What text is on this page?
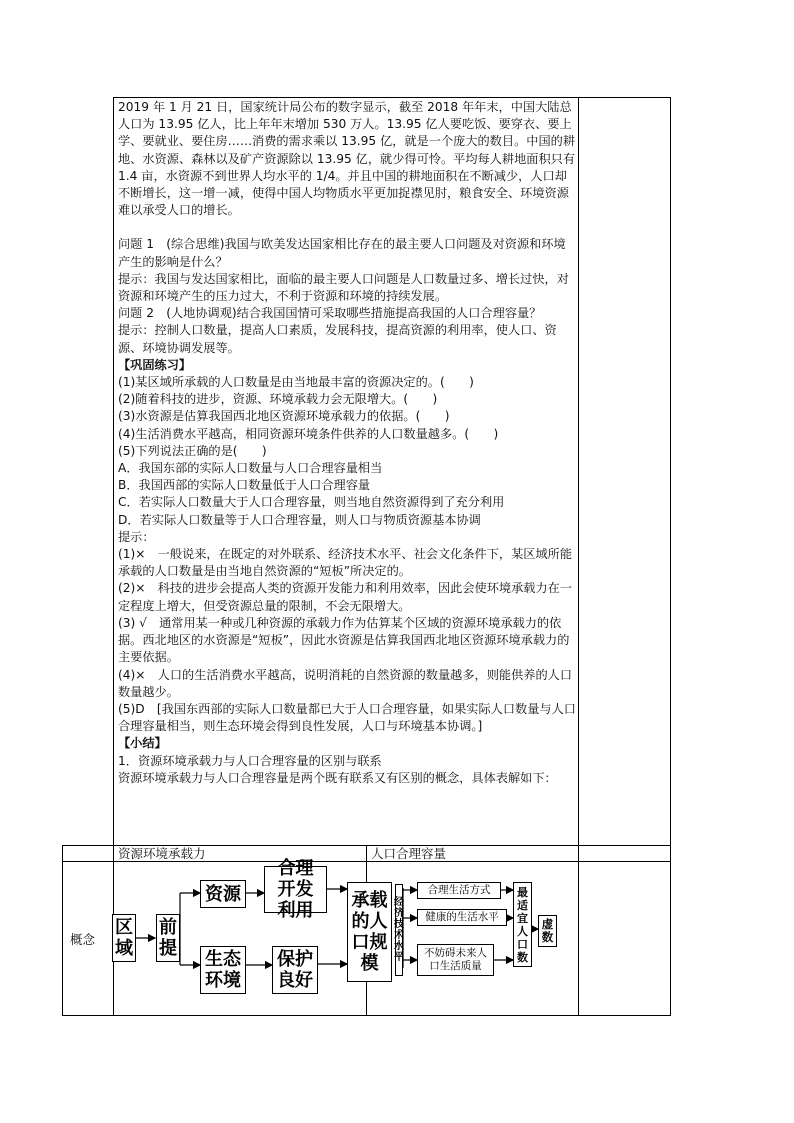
2019 年 1 月 21 日，国家统计局公布的数字显示，截至 2018 年年末，中国大陆总人口为 13.95 亿人，比上年年末增加 530 万人。13.95 亿人要吃饭、要穿衣、要上学、要就业、要住房……消费的需求乘以 13.95 亿，就是一个庞大的数目。中国的耕地、水资源、森林以及矿产资源除以 13.95 亿，就少得可怜。平均每人耕地面积只有 1.4 亩，水资源不到世界人均水平的 1/4。并且中国的耕地面积在不断减少，人口却不断增长，这一增一减，使得中国人均物质水平更加捉襟见肘，粮食安全、环境资源难以承受人口的增长。

问题 1　(综合思维)我国与欧美发达国家相比存在的最主要人口问题及对资源和环境产生的影响是什么？

提示：我国与发达国家相比，面临的最主要人口问题是人口数量过多、增长过快，对资源和环境产生的压力过大，不利于资源和环境的持续发展。

问题 2　(人地协调观)结合我国国情可采取哪些措施提高我国的人口合理容量？

提示：控制人口数量，提高人口素质，发展科技，提高资源的利用率，使人口、资源、环境协调发展等。

【巩固练习】

(1)某区域所承载的人口数量是由当地最丰富的资源决定的。(　　)

(2)随着科技的进步，资源、环境承载力会无限增大。(　　)

(3)水资源是估算我国西北地区资源环境承载力的依据。(　　)

(4)生活消费水平越高，相同资源环境条件供养的人口数量越多。(　　)

(5)下列说法正确的是(　　)

A．我国东部的实际人口数量与人口合理容量相当

B．我国西部的实际人口数量低于人口合理容量

C．若实际人口数量大于人口合理容量，则当地自然资源得到了充分利用

D．若实际人口数量等于人口合理容量，则人口与物质资源基本协调

提示：

(1)×　一般说来，在既定的对外联系、经济技术水平、社会文化条件下，某区域所能承载的人口数量是由当地自然资源的“短板”所决定的。

(2)×　科技的进步会提高人类的资源开发能力和利用效率，因此会使环境承载力在一定程度上增大，但受资源总量的限制，不会无限增大。

(3) √　通常用某一种或几种资源的承载力作为估算某个区域的资源环境承载力的依据。西北地区的水资源是“短板”，因此水资源是估算我国西北地区资源环境承载力的主要依据。

(4)×　人口的生活消费水平越高，说明消耗的自然资源的数量越多，则能供养的人口数量越少。

(5)D　[我国东西部的实际人口数量都已大于人口合理容量，如果实际人口数量与人口合理容量相当，则生态环境会得到良性发展，人口与环境基本协调。]

【小结】

1．资源环境承载力与人口合理容量的区别与联系

资源环境承载力与人口合理容量是两个既有联系又有区别的概念，具体表解如下：

资源环境承载力	人口合理容量
概念
区域
前提
资源
合理开发利用
生态环境
保护良好
承载的人口规模
经济技术水平
合理生活方式
健康的生活水平
不妨碍未来人口生活质量
最适宜人口数
虚数
